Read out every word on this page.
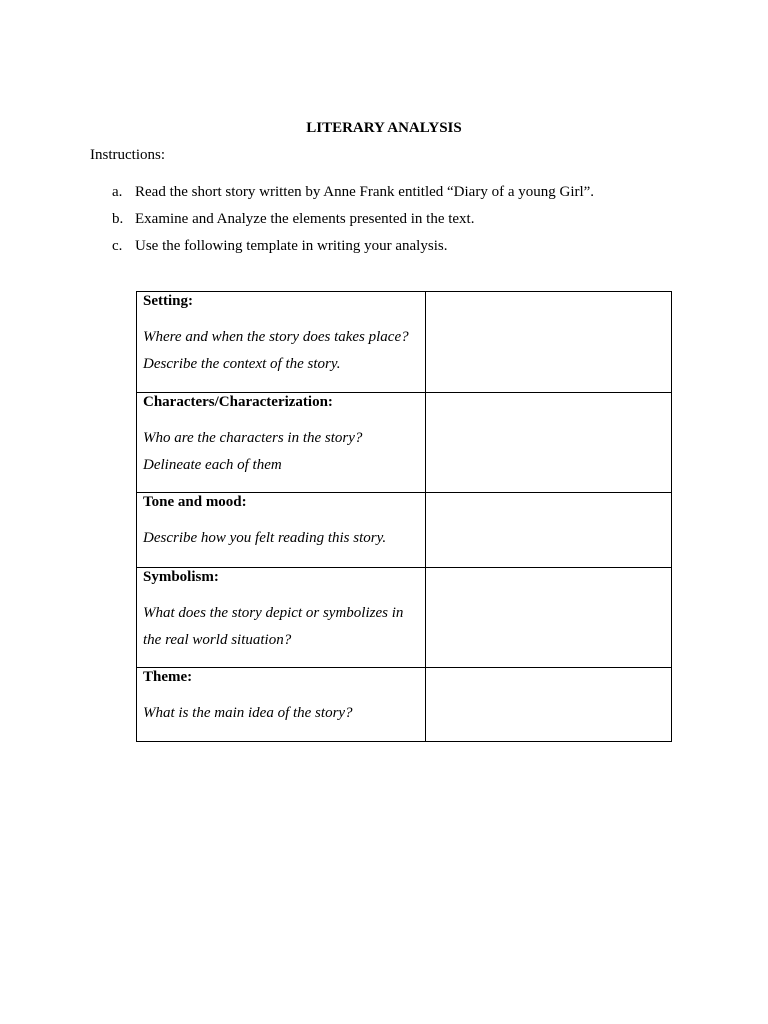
LITERARY ANALYSIS
Instructions:
a. Read the short story written by Anne Frank entitled “Diary of a young Girl”.
b. Examine and Analyze the elements presented in the text.
c. Use the following template in writing your analysis.
Setting:
Where and when the story does takes place? Describe the context of the story.	

Characters/Characterization:
Who are the characters in the story? Delineate each of them	

Tone and mood:
Describe how you felt reading this story.	

Symbolism:
What does the story depict or symbolizes in the real world situation?	

Theme:
What is the main idea of the story?	
